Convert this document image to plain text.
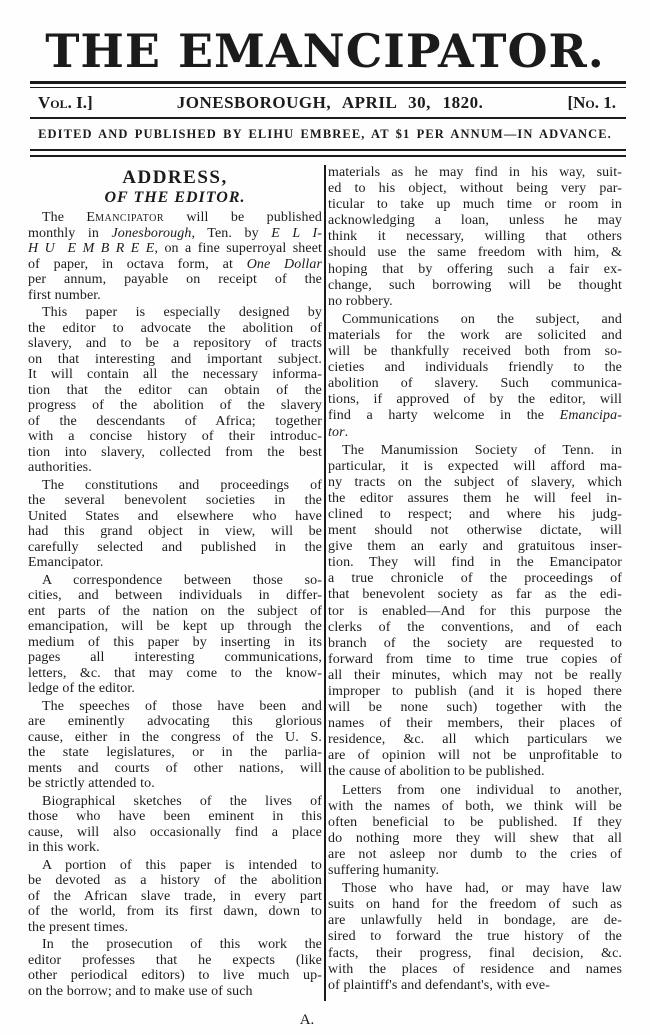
THE EMANCIPATOR.
Vol. I.]	JONESBOROUGH, APRIL 30, 1820.	[No. 1.
EDITED AND PUBLISHED BY ELIHU EMBREE, AT $1 PER ANNUM—IN ADVANCE.
ADDRESS,
OF THE EDITOR.
The Emancipator will be published
monthly in Jonesborough, Ten. by E L I-
H U  E M B R E E, on a fine superroyal sheet
of paper, in octava form, at One Dollar
per annum, payable on receipt of the
first number.
This paper is especially designed by
the editor to advocate the abolition of
slavery, and to be a repository of tracts
on that interesting and important subject.
It will contain all the necessary informa-
tion that the editor can obtain of the
progress of the abolition of the slavery
of the descendants of Africa; together
with a concise history of their introduc-
tion into slavery, collected from the best
authorities.
The constitutions and proceedings of
the several benevolent societies in the
United States and elsewhere who have
had this grand object in view, will be
carefully selected and published in the
Emancipator.
A correspondence between those so-
cities, and between individuals in differ-
ent parts of the nation on the subject of
emancipation, will be kept up through the
medium of this paper by inserting in its
pages all interesting communications,
letters, &c. that may come to the know-
ledge of the editor.
The speeches of those have been and
are eminently advocating this glorious
cause, either in the congress of the U. S.
the state legislatures, or in the parlia-
ments and courts of other nations, will
be strictly attended to.
Biographical sketches of the lives of
those who have been eminent in this
cause, will also occasionally find a place
in this work.
A portion of this paper is intended to
be devoted as a history of the abolition
of the African slave trade, in every part
of the world, from its first dawn, down to
the present times.
In the prosecution of this work the
editor professes that he expects (like
other periodical editors) to live much up-
on the borrow; and to make use of such
materials as he may find in his way, suit-
ed to his object, without being very par-
ticular to take up much time or room in
acknowledging a loan, unless he may
think it necessary, willing that others
should use the same freedom with him, &
hoping that by offering such a fair ex-
change, such borrowing will be thought
no robbery.
Communications on the subject, and
materials for the work are solicited and
will be thankfully received both from so-
cieties and individuals friendly to the
abolition of slavery. Such communica-
tions, if approved of by the editor, will
find a harty welcome in the Emancipa-
tor.
The Manumission Society of Tenn. in
particular, it is expected will afford ma-
ny tracts on the subject of slavery, which
the editor assures them he will feel in-
clined to respect; and where his judg-
ment should not otherwise dictate, will
give them an early and gratuitous inser-
tion. They will find in the Emancipator
a true chronicle of the proceedings of
that benevolent society as far as the edi-
tor is enabled—And for this purpose the
clerks of the conventions, and of each
branch of the society are requested to
forward from time to time true copies of
all their minutes, which may not be really
improper to publish (and it is hoped there
will be none such) together with the
names of their members, their places of
residence, &c. all which particulars we
are of opinion will not be unprofitable to
the cause of abolition to be published.
Letters from one individual to another,
with the names of both, we think will be
often beneficial to be published. If they
do nothing more they will shew that all
are not asleep nor dumb to the cries of
suffering humanity.
Those who have had, or may have law
suits on hand for the freedom of such as
are unlawfully held in bondage, are de-
sired to forward the true history of the
facts, their progress, final decision, &c.
with the places of residence and names
of plaintiff's and defendant's, with eve-
A.
